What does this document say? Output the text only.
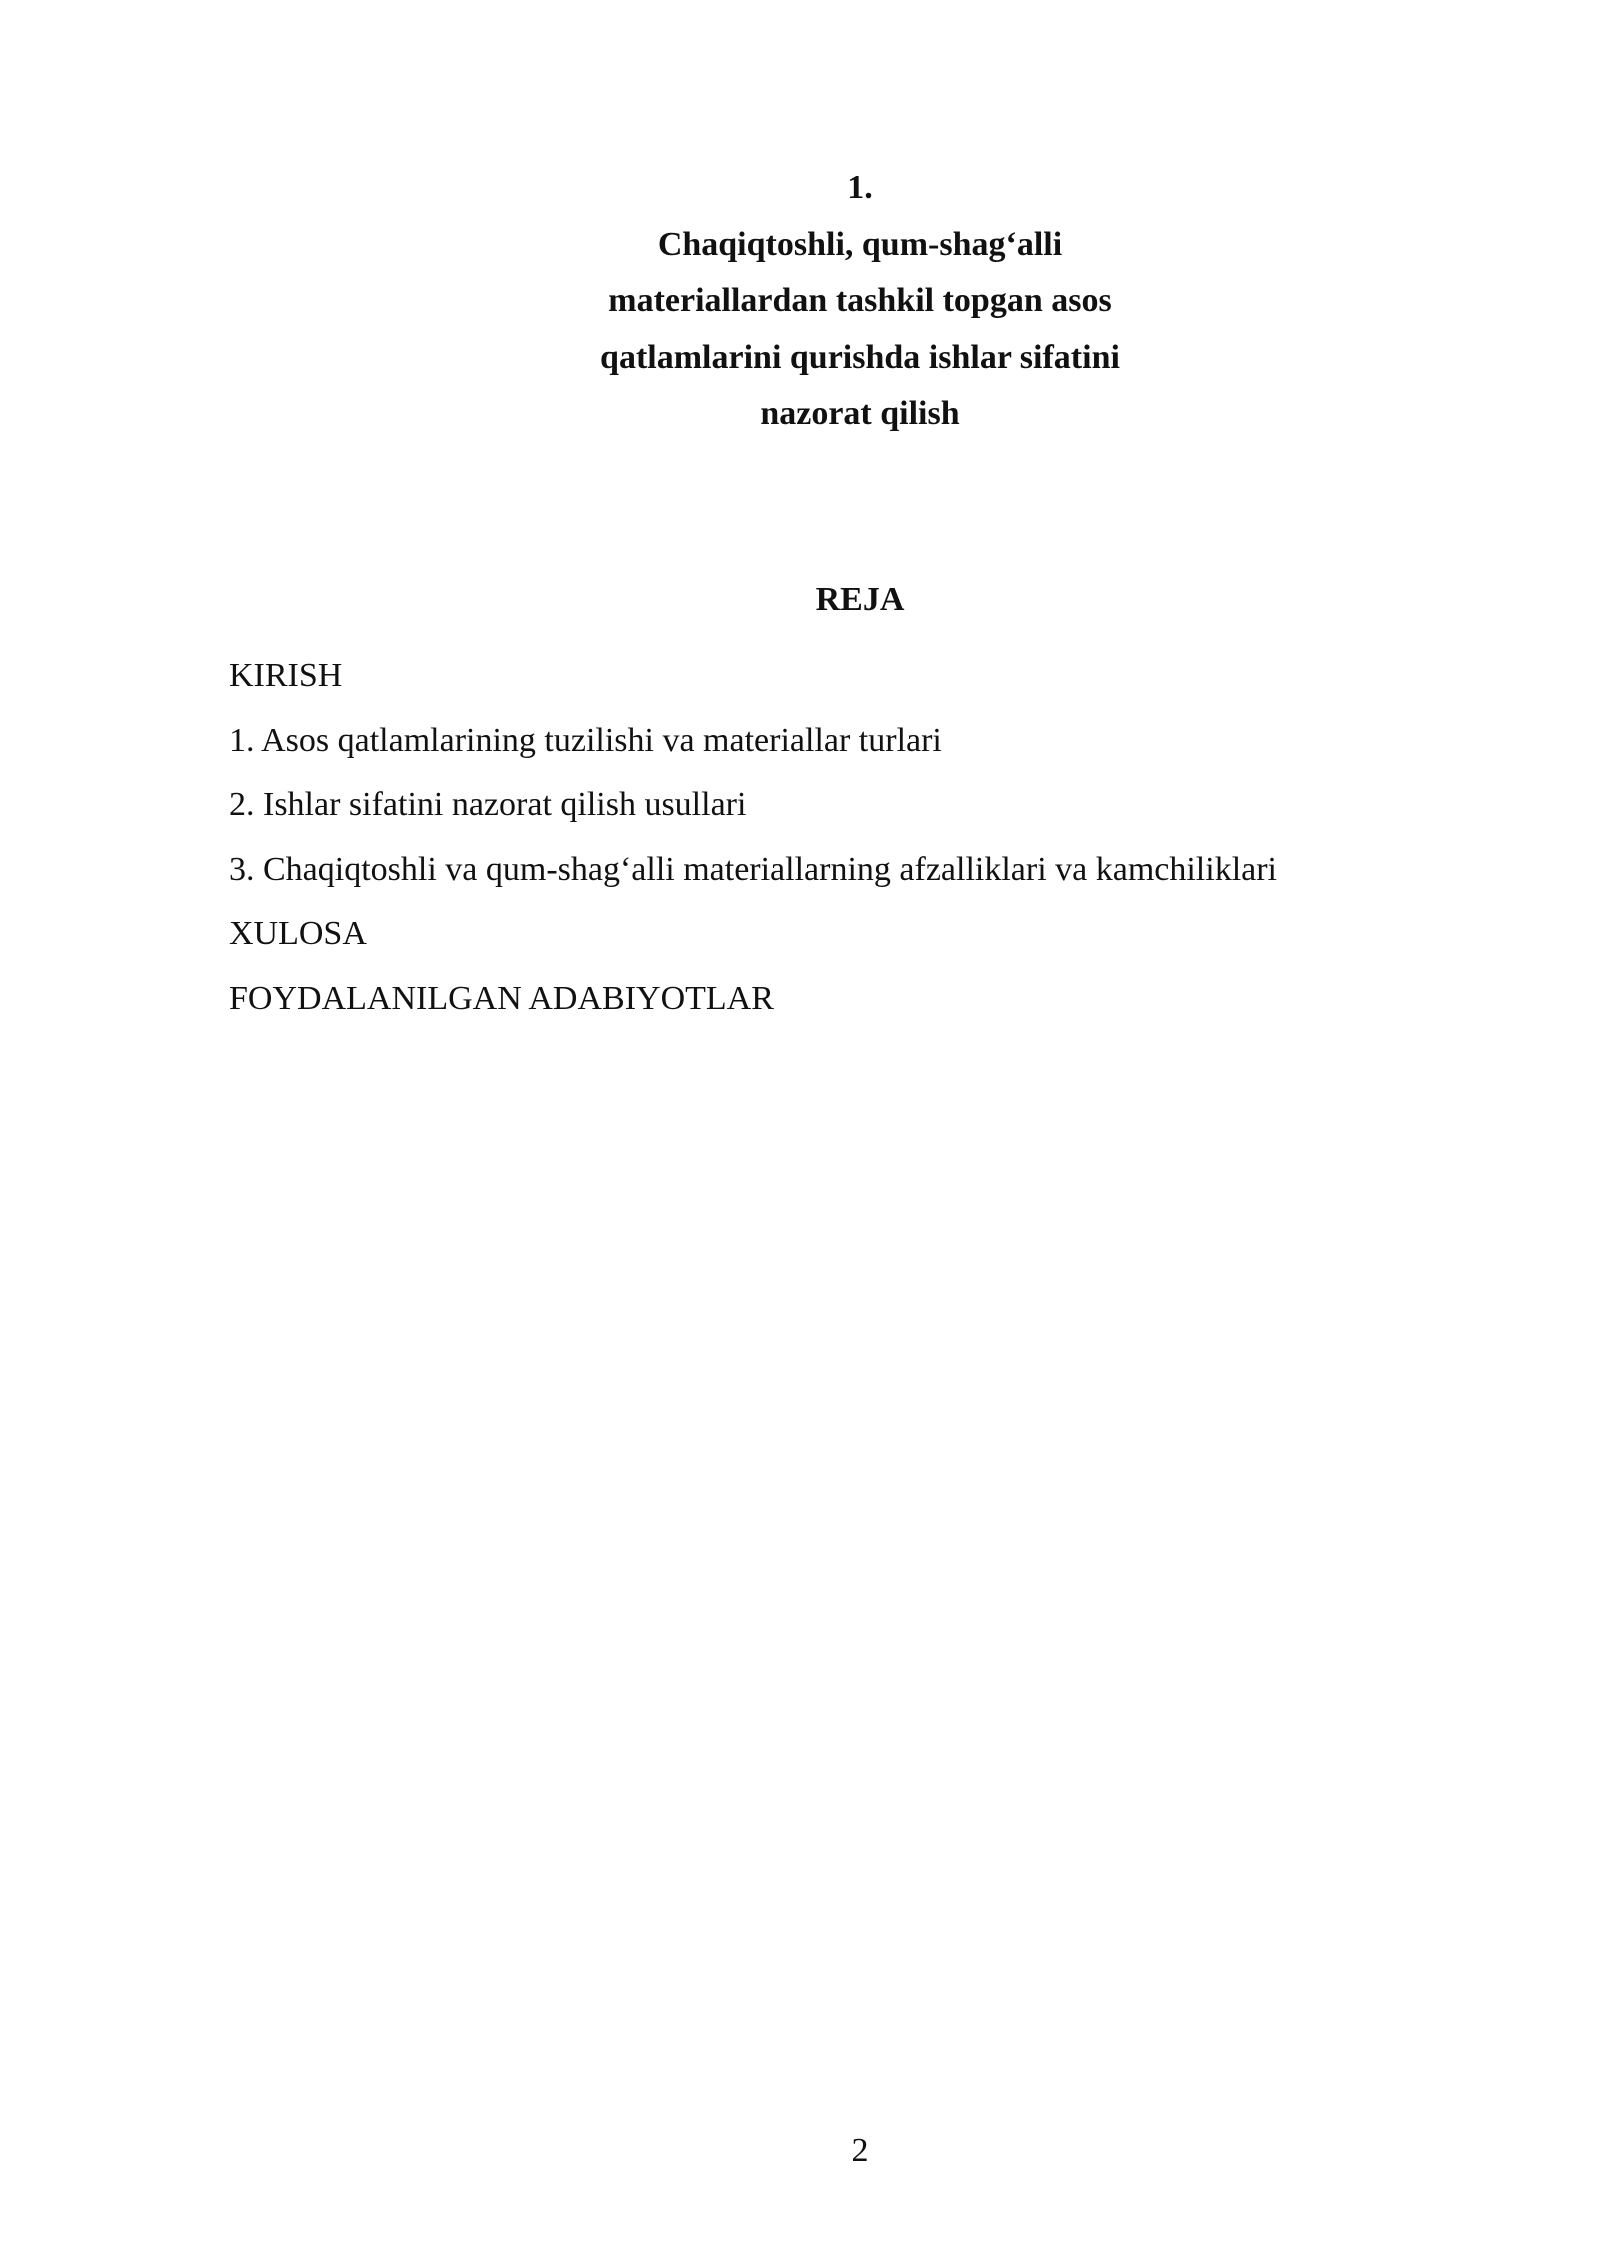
1.
Chaqiqtoshli, qum-shag‘alli
materiallardan tashkil topgan asos
qatlamlarini qurishda ishlar sifatini
nazorat qilish
REJA
KIRISH
1. Asos qatlamlarining tuzilishi va materiallar turlari
2. Ishlar sifatini nazorat qilish usullari
3. Chaqiqtoshli va qum-shag‘alli materiallarning afzalliklari va kamchiliklari
XULOSA
FOYDALANILGAN ADABIYOTLAR
2
